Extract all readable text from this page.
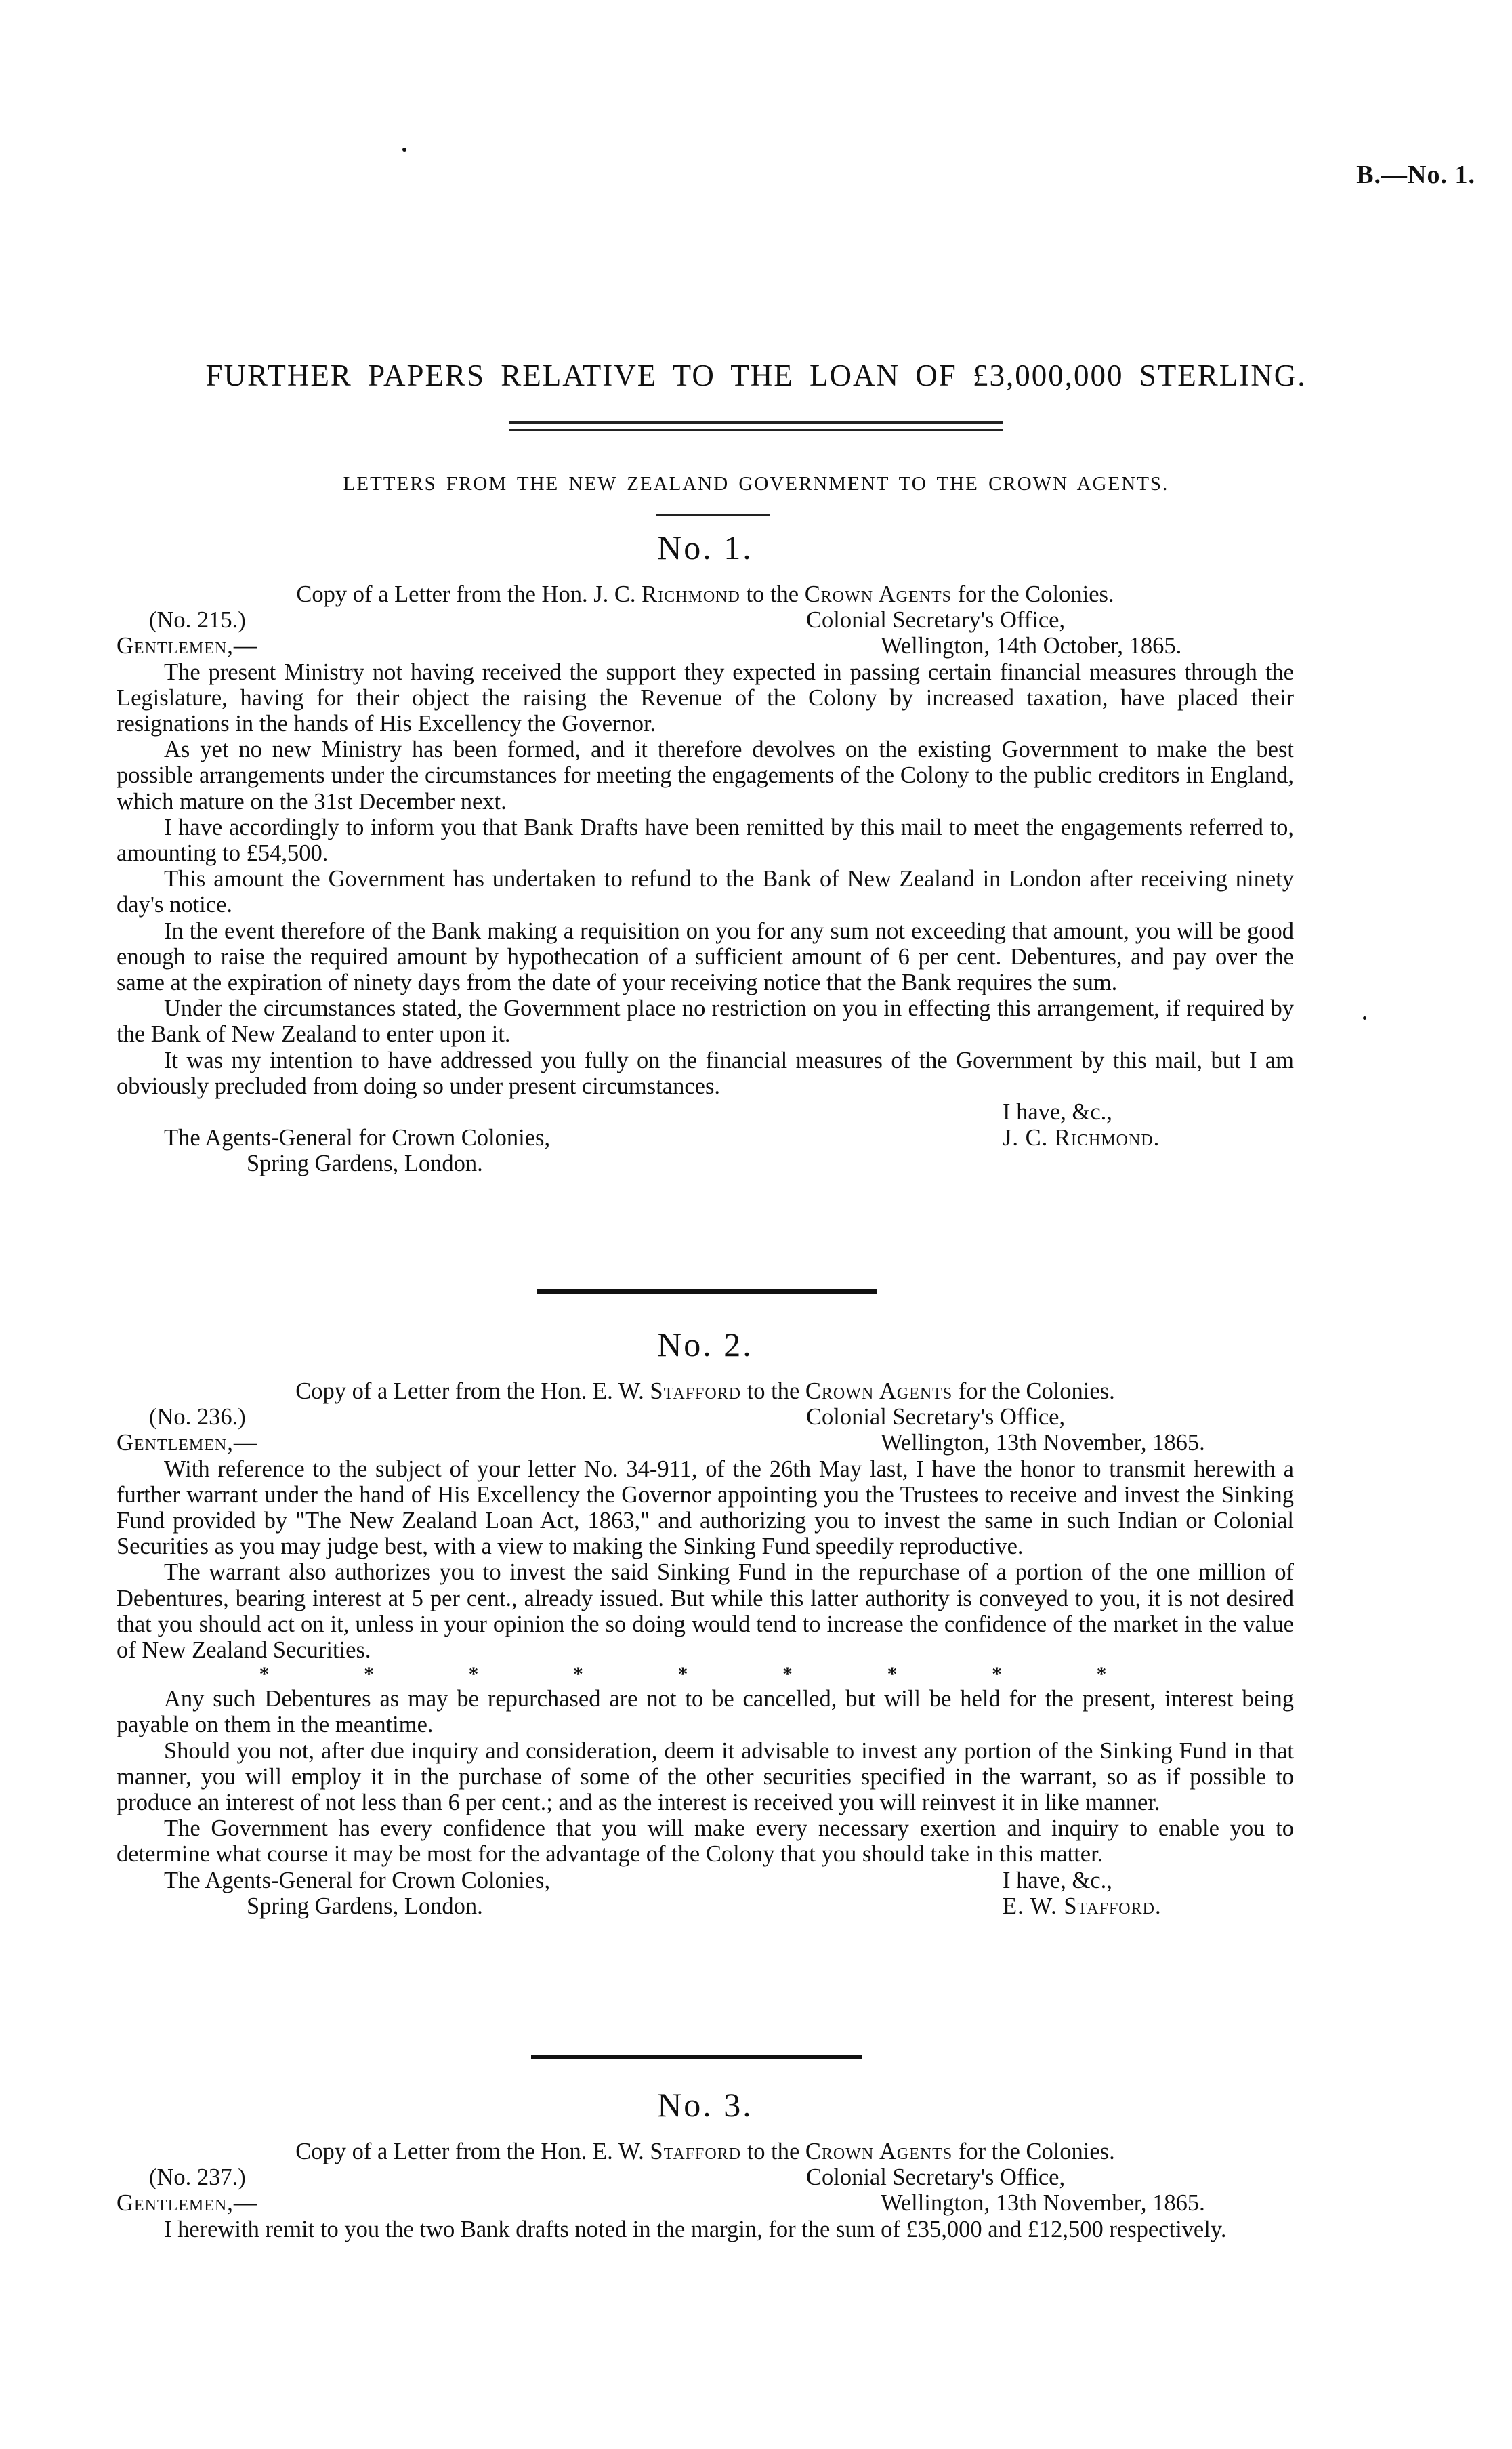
B.—No. 1.
FURTHER PAPERS RELATIVE TO THE LOAN OF £3,000,000 STERLING.
LETTERS FROM THE NEW ZEALAND GOVERNMENT TO THE CROWN AGENTS.
No. 1.
Copy of a Letter from the Hon. J. C. Richmond to the Crown Agents for the Colonies.
(No. 215.)	Colonial Secretary's Office,
Gentlemen,—	Wellington, 14th October, 1865.

The present Ministry not having received the support they expected in passing certain financial measures through the Legislature, having for their object the raising the Revenue of the Colony by increased taxation, have placed their resignations in the hands of His Excellency the Governor.

As yet no new Ministry has been formed, and it therefore devolves on the existing Government to make the best possible arrangements under the circumstances for meeting the engagements of the Colony to the public creditors in England, which mature on the 31st December next.

I have accordingly to inform you that Bank Drafts have been remitted by this mail to meet the engagements referred to, amounting to £54,500.

This amount the Government has undertaken to refund to the Bank of New Zealand in London after receiving ninety day's notice.

In the event therefore of the Bank making a requisition on you for any sum not exceeding that amount, you will be good enough to raise the required amount by hypothecation of a sufficient amount of 6 per cent. Debentures, and pay over the same at the expiration of ninety days from the date of your receiving notice that the Bank requires the sum.

Under the circumstances stated, the Government place no restriction on you in effecting this arrangement, if required by the Bank of New Zealand to enter upon it.

It was my intention to have addressed you fully on the financial measures of the Government by this mail, but I am obviously precluded from doing so under present circumstances.

I have, &c.,
The Agents-General for Crown Colonies,	J. C. Richmond.
Spring Gardens, London.
No. 2.
Copy of a Letter from the Hon. E. W. Stafford to the Crown Agents for the Colonies.
(No. 236.)	Colonial Secretary's Office,
Gentlemen,—	Wellington, 13th November, 1865.

With reference to the subject of your letter No. 34-911, of the 26th May last, I have the honor to transmit herewith a further warrant under the hand of His Excellency the Governor appointing you the Trustees to receive and invest the Sinking Fund provided by "The New Zealand Loan Act, 1863," and authorizing you to invest the same in such Indian or Colonial Securities as you may judge best, with a view to making the Sinking Fund speedily reproductive.

The warrant also authorizes you to invest the said Sinking Fund in the repurchase of a portion of the one million of Debentures, bearing interest at 5 per cent., already issued. But while this latter authority is conveyed to you, it is not desired that you should act on it, unless in your opinion the so doing would tend to increase the confidence of the market in the value of New Zealand Securities.

* * * * * * * * *

Any such Debentures as may be repurchased are not to be cancelled, but will be held for the present, interest being payable on them in the meantime.

Should you not, after due inquiry and consideration, deem it advisable to invest any portion of the Sinking Fund in that manner, you will employ it in the purchase of some of the other securities specified in the warrant, so as if possible to produce an interest of not less than 6 per cent.; and as the interest is received you will reinvest it in like manner.

The Government has every confidence that you will make every necessary exertion and inquiry to enable you to determine what course it may be most for the advantage of the Colony that you should take in this matter.

The Agents-General for Crown Colonies,	I have, &c.,
Spring Gardens, London.	E. W. Stafford.
No. 3.
Copy of a Letter from the Hon. E. W. Stafford to the Crown Agents for the Colonies.
(No. 237.)	Colonial Secretary's Office,
Gentlemen,—	Wellington, 13th November, 1865.

I herewith remit to you the two Bank drafts noted in the margin, for the sum of £35,000 and £12,500 respectively.
